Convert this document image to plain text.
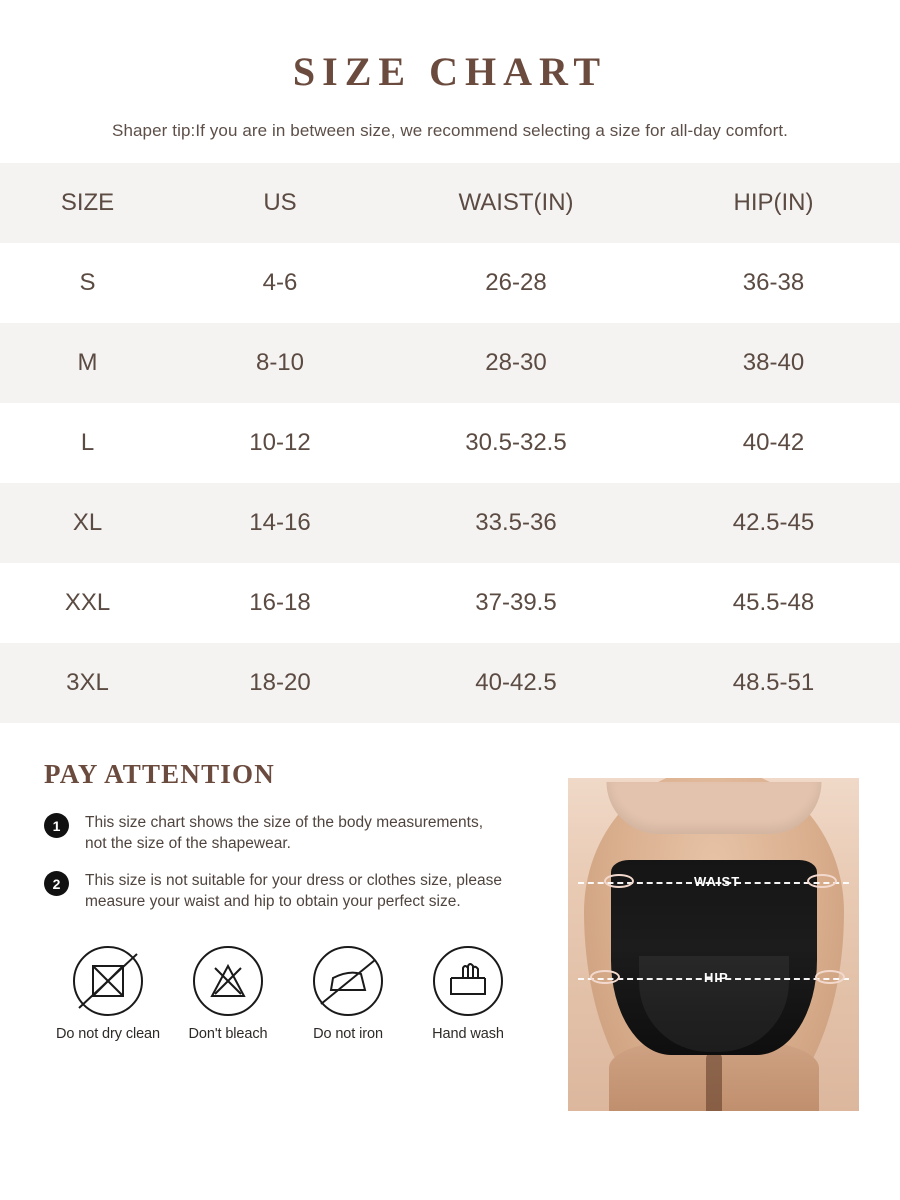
SIZE CHART
Shaper tip:If you are in between size, we recommend selecting a size for all-day comfort.
SIZE	US	WAIST(IN)	HIP(IN)
S	4-6	26-28	36-38
M	8-10	28-30	38-40
L	10-12	30.5-32.5	40-42
XL	14-16	33.5-36	42.5-45
XXL	16-18	37-39.5	45.5-48
3XL	18-20	40-42.5	48.5-51
PAY ATTENTION
1	This size chart shows the size of the body measurements, not the size of the shapewear.
2	This size is not suitable for your dress or clothes size, please measure your waist and hip to obtain your perfect size.
Do not dry clean	Don't bleach	Do not iron	Hand wash
WAIST
HIP
